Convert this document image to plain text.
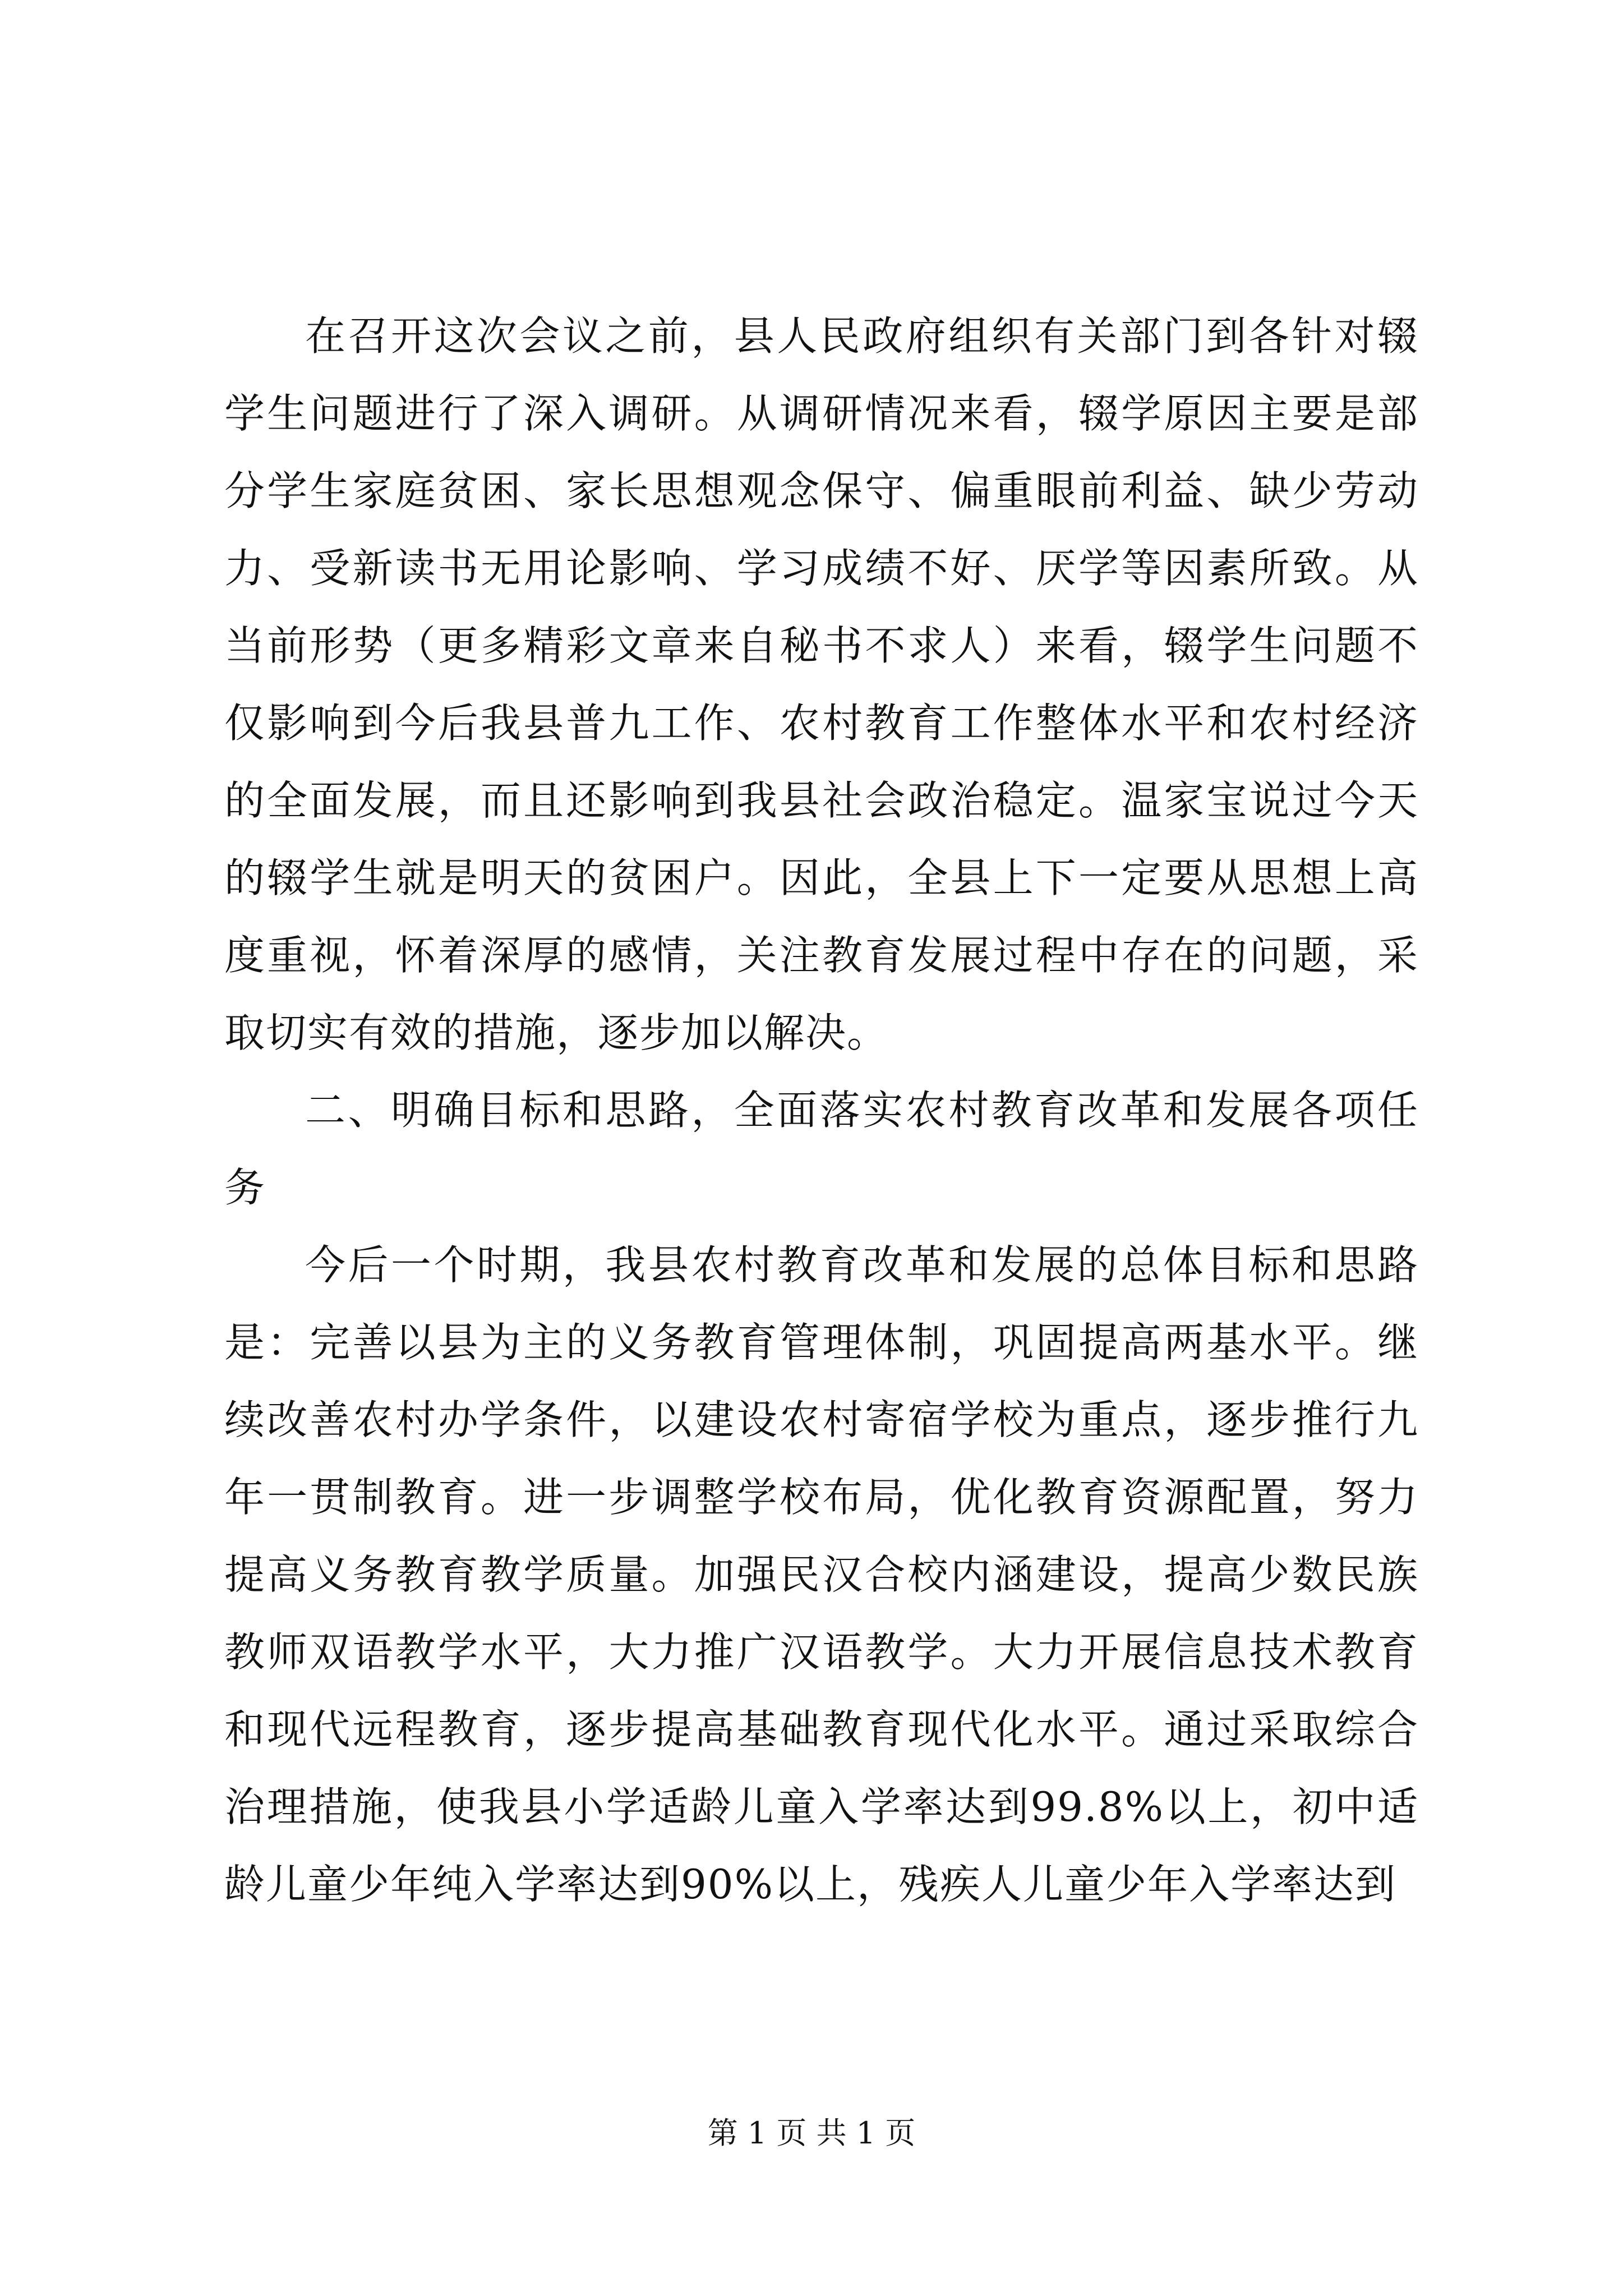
在召开这次会议之前，县人民政府组织有关部门到各针对辍学生问题进行了深入调研。从调研情况来看，辍学原因主要是部分学生家庭贫困、家长思想观念保守、偏重眼前利益、缺少劳动力、受新读书无用论影响、学习成绩不好、厌学等因素所致。从当前形势（更多精彩文章来自秘书不求人）来看，辍学生问题不仅影响到今后我县普九工作、农村教育工作整体水平和农村经济的全面发展，而且还影响到我县社会政治稳定。温家宝说过今天的辍学生就是明天的贫困户。因此，全县上下一定要从思想上高度重视，怀着深厚的感情，关注教育发展过程中存在的问题，采取切实有效的措施，逐步加以解决。

二、明确目标和思路，全面落实农村教育改革和发展各项任务

今后一个时期，我县农村教育改革和发展的总体目标和思路是：完善以县为主的义务教育管理体制，巩固提高两基水平。继续改善农村办学条件，以建设农村寄宿学校为重点，逐步推行九年一贯制教育。进一步调整学校布局，优化教育资源配置，努力提高义务教育教学质量。加强民汉合校内涵建设，提高少数民族教师双语教学水平，大力推广汉语教学。大力开展信息技术教育和现代远程教育，逐步提高基础教育现代化水平。通过采取综合治理措施，使我县小学适龄儿童入学率达到99.8%以上，初中适龄儿童少年纯入学率达到90%以上，残疾人儿童少年入学率达到

第 1 页 共 1 页
